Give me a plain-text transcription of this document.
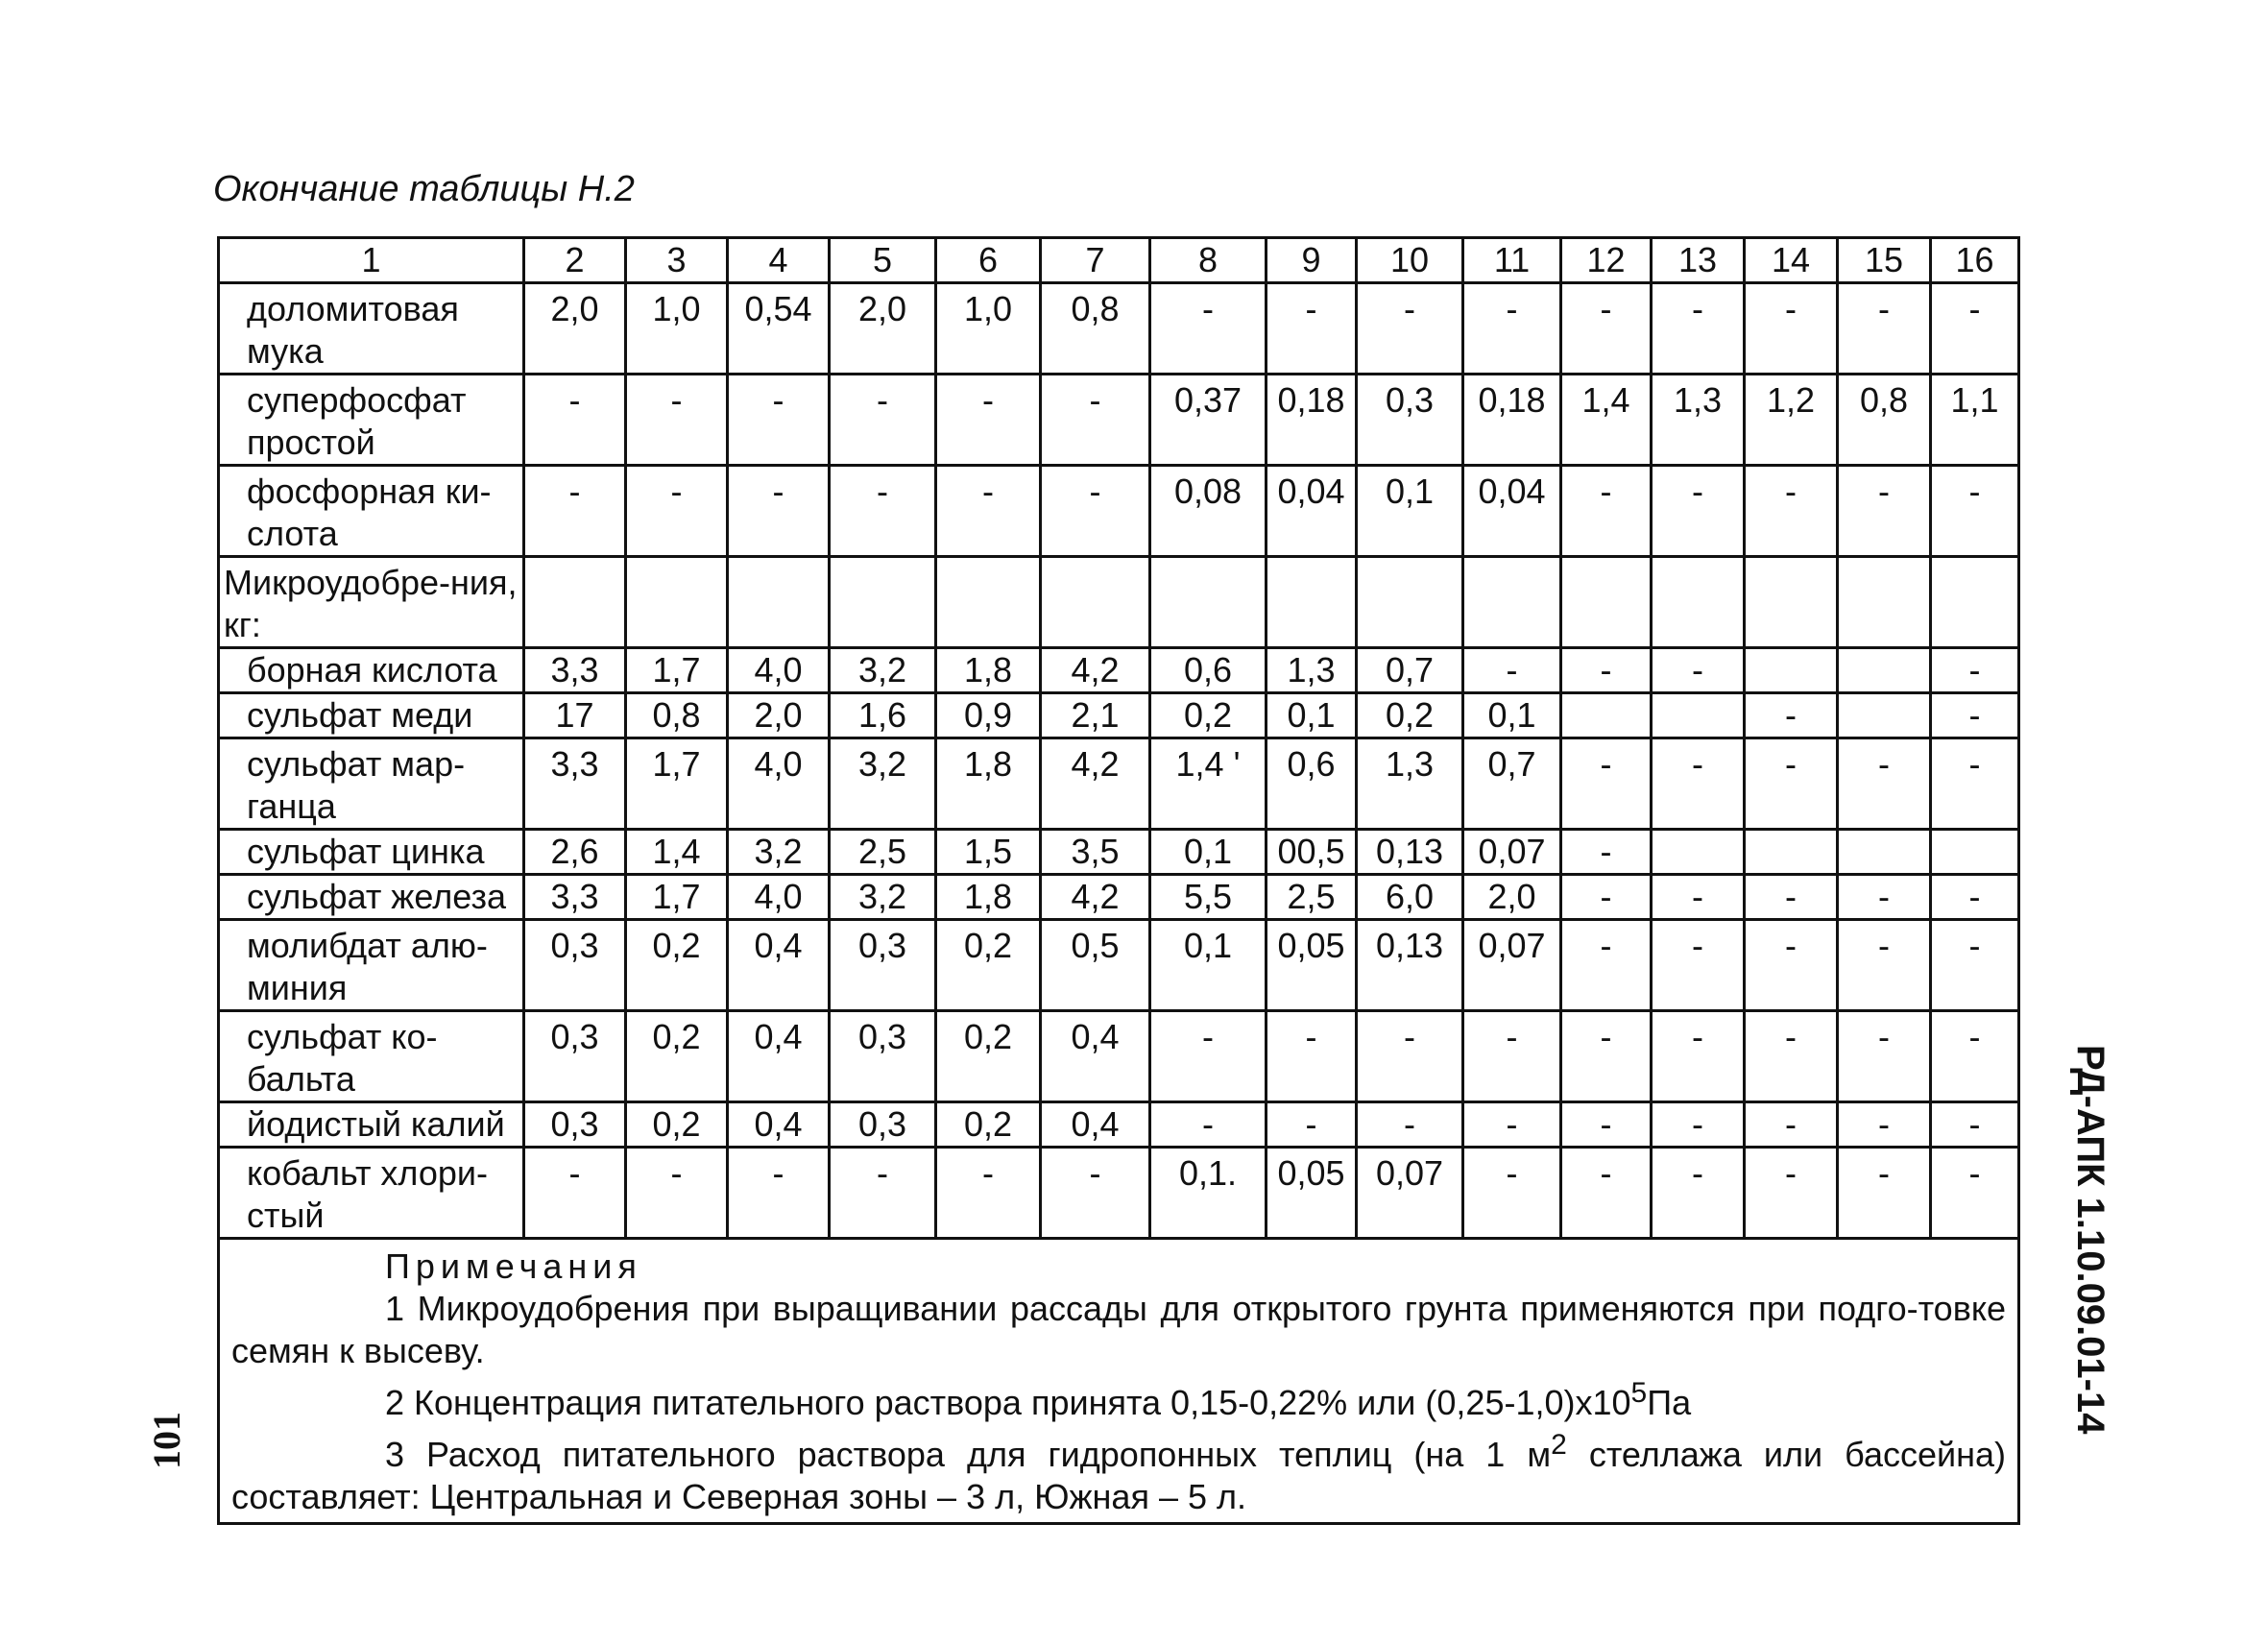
Окончание таблицы Н.2
1	2	3	4	5	6	7	8	9	10	11	12	13	14	15	16
доломитовая мука	2,0	1,0	0,54	2,0	1,0	0,8	-	-	-	-	-	-	-	-	-
суперфосфат простой	-	-	-	-	-	-	0,37	0,18	0,3	0,18	1,4	1,3	1,2	0,8	1,1
фосфорная ки-слота	-	-	-	-	-	-	0,08	0,04	0,1	0,04	-	-	-	-	-
Микроудобре-ния, кг:															
борная кислота	3,3	1,7	4,0	3,2	1,8	4,2	0,6	1,3	0,7	-	-	-			-
сульфат меди	17	0,8	2,0	1,6	0,9	2,1	0,2	0,1	0,2	0,1			-		-
сульфат мар-ганца	3,3	1,7	4,0	3,2	1,8	4,2	1,4 '	0,6	1,3	0,7	-	-	-	-	-
сульфат цинка	2,6	1,4	3,2	2,5	1,5	3,5	0,1	00,5	0,13	0,07	-				
сульфат железа	3,3	1,7	4,0	3,2	1,8	4,2	5,5	2,5	6,0	2,0	-	-	-	-	-
молибдат алю-миния	0,3	0,2	0,4	0,3	0,2	0,5	0,1	0,05	0,13	0,07	-	-	-	-	-
сульфат ко-бальта	0,3	0,2	0,4	0,3	0,2	0,4	-	-	-	-	-	-	-	-	-
йодистый калий	0,3	0,2	0,4	0,3	0,2	0,4	-	-	-	-	-	-	-	-	-
кобальт хлори-стый	-	-	-	-	-	-	0,1.	0,05	0,07	-	-	-	-	-	-

Примечания
1 Микроудобрения при выращивании рассады для открытого грунта применяются при подго-товке семян к высеву.
2 Концентрация питательного раствора принята 0,15-0,22% или $(0,25-1,0)х10^5Па$
3 Расход питательного раствора для гидропонных теплиц (на 1 $м^2$ стеллажа или бассейна) составляет: Центральная и Северная зоны – 3 л, Южная – 5 л.															
РД-АПК 1.10.09.01-14
101
